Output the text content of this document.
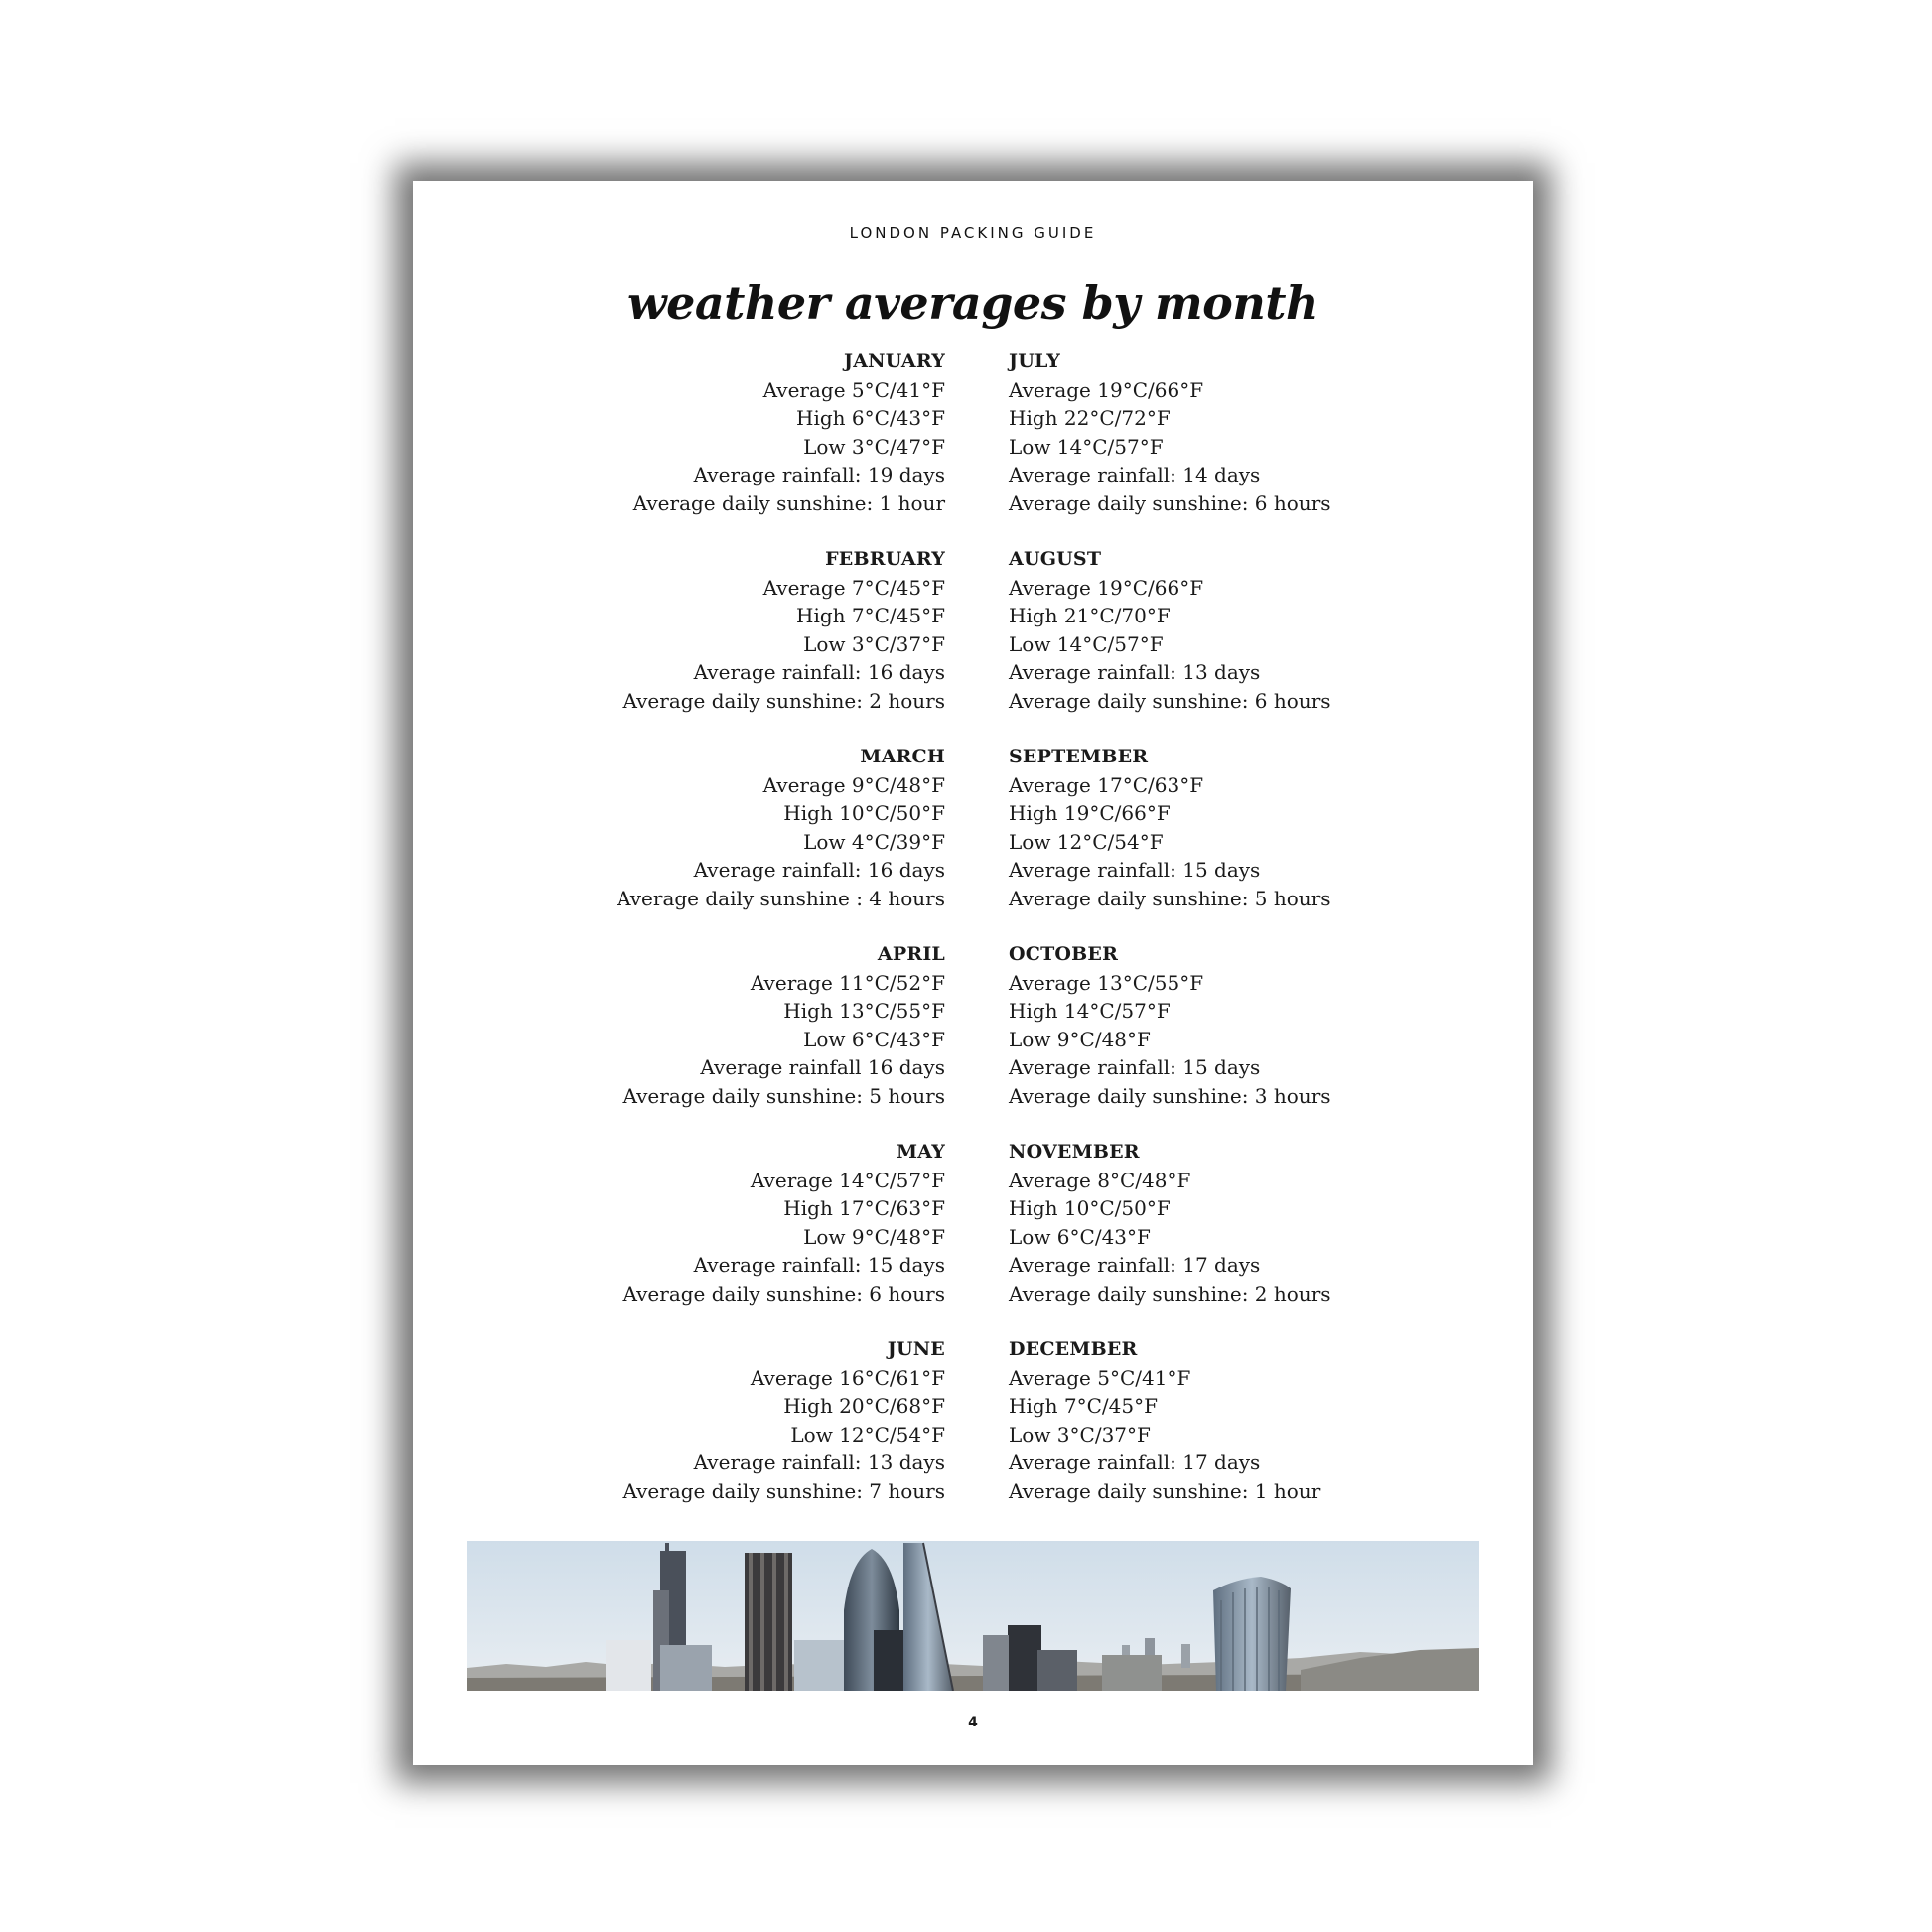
LONDON PACKING GUIDE
weather averages by month
JANUARY
Average 5°C/41°F
High 6°C/43°F
Low 3°C/47°F
Average rainfall: 19 days
Average daily sunshine: 1 hour
FEBRUARY
Average 7°C/45°F
High 7°C/45°F
Low 3°C/37°F
Average rainfall: 16 days
Average daily sunshine: 2 hours
MARCH
Average 9°C/48°F
High 10°C/50°F
Low 4°C/39°F
Average rainfall: 16 days
Average daily sunshine : 4 hours
APRIL
Average 11°C/52°F
High 13°C/55°F
Low 6°C/43°F
Average rainfall 16 days
Average daily sunshine: 5 hours
MAY
Average 14°C/57°F
High 17°C/63°F
Low 9°C/48°F
Average rainfall: 15 days
Average daily sunshine: 6 hours
JUNE
Average 16°C/61°F
High 20°C/68°F
Low 12°C/54°F
Average rainfall: 13 days
Average daily sunshine: 7 hours
JULY
Average 19°C/66°F
High 22°C/72°F
Low 14°C/57°F
Average rainfall: 14 days
Average daily sunshine: 6 hours
AUGUST
Average 19°C/66°F
High 21°C/70°F
Low 14°C/57°F
Average rainfall: 13 days
Average daily sunshine: 6 hours
SEPTEMBER
Average 17°C/63°F
High 19°C/66°F
Low 12°C/54°F
Average rainfall: 15 days
Average daily sunshine: 5 hours
OCTOBER
Average 13°C/55°F
High 14°C/57°F
Low 9°C/48°F
Average rainfall: 15 days
Average daily sunshine: 3 hours
NOVEMBER
Average 8°C/48°F
High 10°C/50°F
Low 6°C/43°F
Average rainfall: 17 days
Average daily sunshine: 2 hours
DECEMBER
Average 5°C/41°F
High 7°C/45°F
Low 3°C/37°F
Average rainfall: 17 days
Average daily sunshine: 1 hour
4
